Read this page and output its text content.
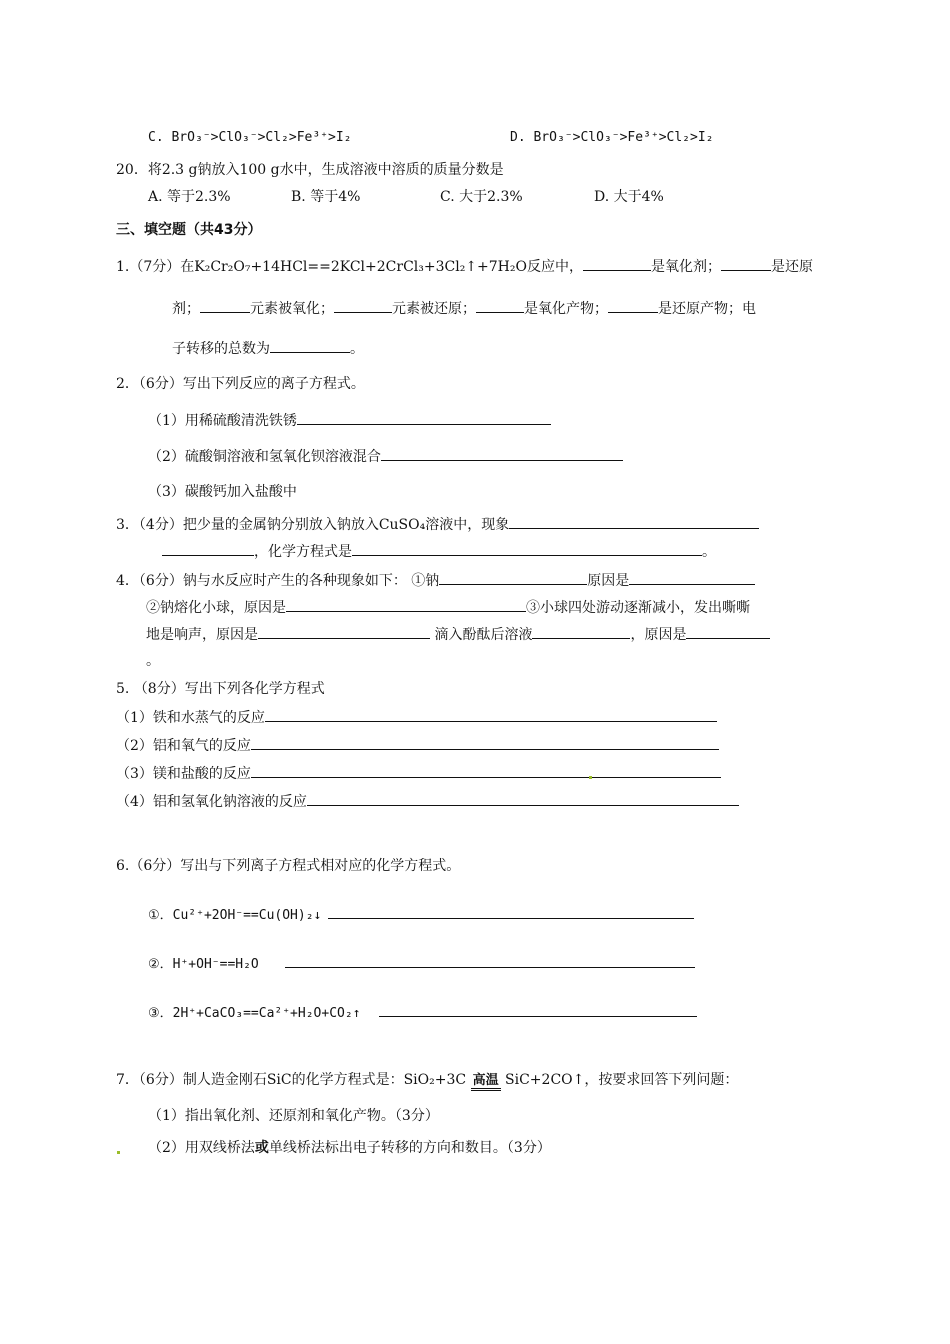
C. BrO₃⁻>ClO₃⁻>Cl₂>Fe³⁺>I₂	D. BrO₃⁻>ClO₃⁻>Fe³⁺>Cl₂>I₂
20．将2.3 g钠放入100 g水中，生成溶液中溶质的质量分数是
A. 等于2.3%	B. 等于4%	C. 大于2.3%	D. 大于4%
三、填空题（共43分）
1.（7分）在K₂Cr₂O₇+14HCl==2KCl+2CrCl₃+3Cl₂↑+7H₂O反应中，	是氧化剂；	是还原
剂；	元素被氧化；	元素被还原；	是氧化产物；	是还原产物；电
子转移的总数为	。
2．（6分）写出下列反应的离子方程式。
（1）用稀硫酸清洗铁锈
（2）硫酸铜溶液和氢氧化钡溶液混合
（3）碳酸钙加入盐酸中
3．（4分）把少量的金属钠分别放入钠放入CuSO₄溶液中，现象
，化学方程式是	。
4．（6分）钠与水反应时产生的各种现象如下： ①钠	原因是
②钠熔化小球，原因是	③小球四处游动逐渐减小，发出嘶嘶
地是响声，原因是	滴入酚酞后溶液	，原因是
。
5. （8分）写出下列各化学方程式
（1）铁和水蒸气的反应
（2）铝和氧气的反应
（3）镁和盐酸的反应
（4）铝和氢氧化钠溶液的反应
6.（6分）写出与下列离子方程式相对应的化学方程式。
①．Cu²⁺+2OH⁻==Cu(OH)₂↓
②．H⁺+OH⁻==H₂O
③．2H⁺+CaCO₃==Ca²⁺+H₂O+CO₂↑
7．（6分）制人造金刚石SiC的化学方程式是：SiO₂+3C 高温 SiC+2CO↑，按要求回答下列问题：
（1）指出氧化剂、还原剂和氧化产物。（3分）
（2）用双线桥法或单线桥法标出电子转移的方向和数目。（3分）
